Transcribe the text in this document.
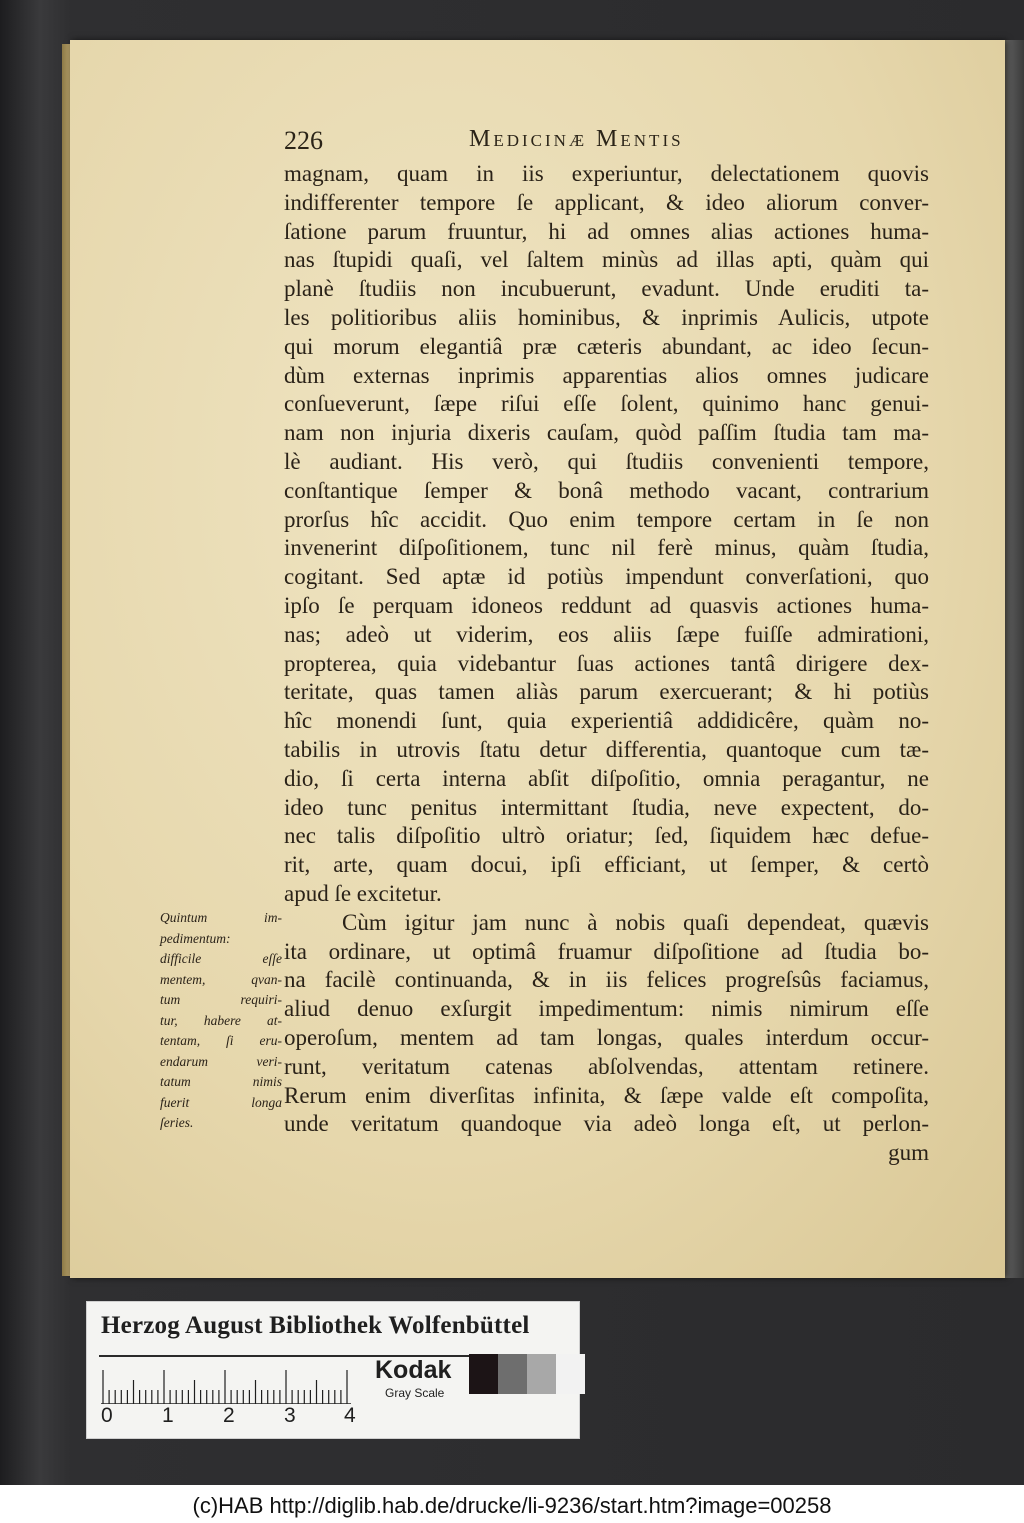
226	Medicinæ Mentis
magnam, quam in iis experiuntur, delectationem quovis
indifferenter tempore ſe applicant, & ideo aliorum conver-
ſatione parum fruuntur, hi ad omnes alias actiones huma-
nas ſtupidi quaſi, vel ſaltem minùs ad illas apti, quàm qui
planè ſtudiis non incubuerunt, evadunt. Unde eruditi ta-
les politioribus aliis hominibus, & inprimis Aulicis, utpote
qui morum elegantiâ præ cæteris abundant, ac ideo ſecun-
dùm externas inprimis apparentias alios omnes judicare
conſueverunt, ſæpe riſui eſſe ſolent, quinimo hanc genui-
nam non injuria dixeris cauſam, quòd paſſim ſtudia tam ma-
lè audiant. His verò, qui ſtudiis convenienti tempore,
conſtantique ſemper & bonâ methodo vacant, contrarium
prorſus hîc accidit. Quo enim tempore certam in ſe non
invenerint diſpoſitionem, tunc nil ferè minus, quàm ſtudia,
cogitant. Sed aptæ id potiùs impendunt converſationi, quo
ipſo ſe perquam idoneos reddunt ad quasvis actiones huma-
nas; adeò ut viderim, eos aliis ſæpe fuiſſe admirationi,
propterea, quia videbantur ſuas actiones tantâ dirigere dex-
teritate, quas tamen aliàs parum exercuerant; & hi potiùs
hîc monendi ſunt, quia experientiâ addidicêre, quàm no-
tabilis in utrovis ſtatu detur differentia, quantoque cum tæ-
dio, ſi certa interna abſit diſpoſitio, omnia peragantur, ne
ideo tunc penitus intermittant ſtudia, neve expectent, do-
nec talis diſpoſitio ultrò oriatur; ſed, ſiquidem hæc defue-
rit, arte, quam docui, ipſi efficiant, ut ſemper, & certò
apud ſe excitetur.
Cùm igitur jam nunc à nobis quaſi dependeat, quævis
ita ordinare, ut optimâ fruamur diſpoſitione ad ſtudia bo-
na facilè continuanda, & in iis felices progreſsûs faciamus,
aliud denuo exſurgit impedimentum: nimis nimirum eſſe
operoſum, mentem ad tam longas, quales interdum occur-
runt, veritatum catenas abſolvendas, attentam retinere.
Rerum enim diverſitas infinita, & ſæpe valde eſt compoſita,
unde veritatum quandoque via adeò longa eſt, ut perlon-
gum
Quintum im-
pedimentum:
difficile eſſe
mentem, qvan-
tum requiri-
tur, habere at-
tentam, ſi eru-
endarum veri-
tatum nimis
fuerit longa
ſeries.
Herzog August Bibliothek Wolfenbüttel
0 1 2 3 4
Kodak
Gray Scale
(c)HAB http://diglib.hab.de/drucke/li-9236/start.htm?image=00258
